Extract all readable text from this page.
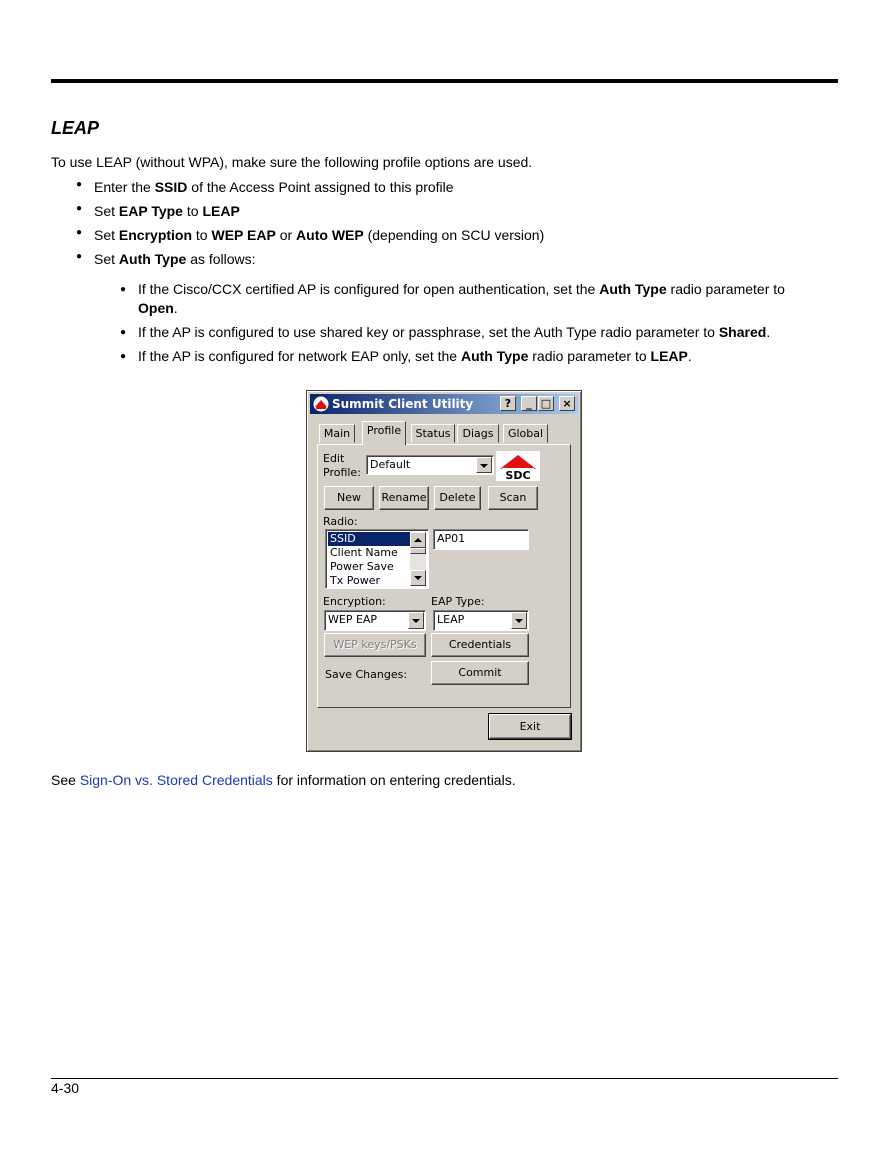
LEAP

To use LEAP (without WPA), make sure the following profile options are used.

● Enter the SSID of the Access Point assigned to this profile
● Set EAP Type to LEAP
● Set Encryption to WEP EAP or Auto WEP (depending on SCU version)
● Set Auth Type as follows:
● If the Cisco/CCX certified AP is configured for open authentication, set the Auth Type radio parameter to Open.
● If the AP is configured to use shared key or passphrase, set the Auth Type radio parameter to Shared.
● If the AP is configured for network EAP only, set the Auth Type radio parameter to LEAP.
Summit Client Utility	?	_ □	×
Main	Profile	Status	Diags	Global
Edit
Profile:
Default
SDC
New	Rename	Delete	Scan
Radio:
SSID
Client Name
Power Save
Tx Power
AP01
Encryption:	EAP Type:
WEP EAP	LEAP
WEP keys/PSKs	Credentials
Save Changes:	Commit
Exit

See Sign-On vs. Stored Credentials for information on entering credentials.

4-30
